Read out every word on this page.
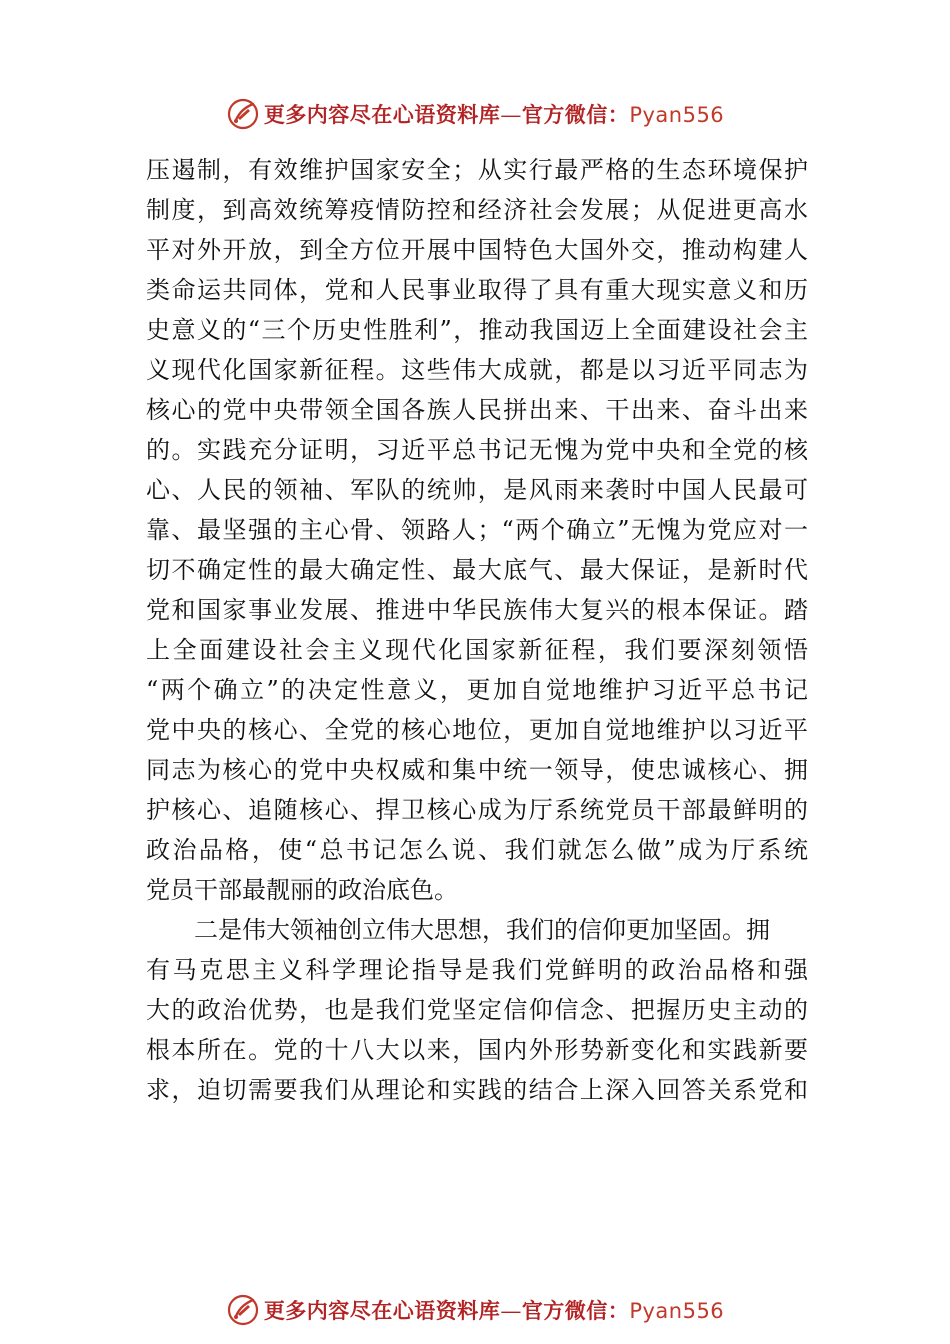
更多内容尽在心语资料库—官方微信：Pyan556
压遏制，有效维护国家安全；从实行最严格的生态环境保护
制度，到高效统筹疫情防控和经济社会发展；从促进更高水
平对外开放，到全方位开展中国特色大国外交，推动构建人
类命运共同体，党和人民事业取得了具有重大现实意义和历
史意义的“三个历史性胜利”，推动我国迈上全面建设社会主
义现代化国家新征程。这些伟大成就，都是以习近平同志为
核心的党中央带领全国各族人民拼出来、干出来、奋斗出来
的。实践充分证明，习近平总书记无愧为党中央和全党的核
心、人民的领袖、军队的统帅，是风雨来袭时中国人民最可
靠、最坚强的主心骨、领路人；“两个确立”无愧为党应对一
切不确定性的最大确定性、最大底气、最大保证，是新时代
党和国家事业发展、推进中华民族伟大复兴的根本保证。踏
上全面建设社会主义现代化国家新征程，我们要深刻领悟
“两个确立”的决定性意义，更加自觉地维护习近平总书记
党中央的核心、全党的核心地位，更加自觉地维护以习近平
同志为核心的党中央权威和集中统一领导，使忠诚核心、拥
护核心、追随核心、捍卫核心成为厅系统党员干部最鲜明的
政治品格，使“总书记怎么说、我们就怎么做”成为厅系统
党员干部最靓丽的政治底色。
二是伟大领袖创立伟大思想，我们的信仰更加坚固。拥
有马克思主义科学理论指导是我们党鲜明的政治品格和强
大的政治优势，也是我们党坚定信仰信念、把握历史主动的
根本所在。党的十八大以来，国内外形势新变化和实践新要
求，迫切需要我们从理论和实践的结合上深入回答关系党和
更多内容尽在心语资料库—官方微信：Pyan556
